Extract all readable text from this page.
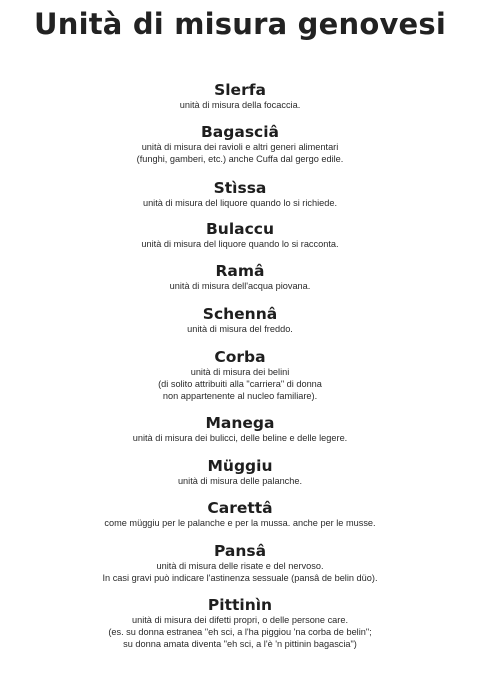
Unità di misura genovesi
Slerfa
unità di misura della focaccia.
Bagasciâ
unità di misura dei ravioli e altri generi alimentari
(funghi, gamberi, etc.) anche Cuffa dal gergo edile.
Stìssa
unità di misura del liquore quando lo si richiede.
Bulaccu
unità di misura del liquore quando lo si racconta.
Ramâ
unità di misura dell'acqua piovana.
Schennâ
unità di misura del freddo.
Corba
unità di misura dei belini
(di solito attribuiti alla "carriera" di donna
non appartenente al nucleo familiare).
Manega
unità di misura dei bulicci, delle beline e delle legere.
Müggiu
unità di misura delle palanche.
Carettâ
come müggiu per le palanche e per la mussa. anche per le musse.
Pansâ
unità di misura delle risate e del nervoso.
In casi gravi può indicare l'astinenza sessuale (pansâ de belin düo).
Pittinìn
unità di misura dei difetti propri, o delle persone care.
(es. su donna estranea "eh sci, a l'ha piggiou 'na corba de belin";
su donna amata diventa "eh sci, a l'è 'n pittinin bagascia")
